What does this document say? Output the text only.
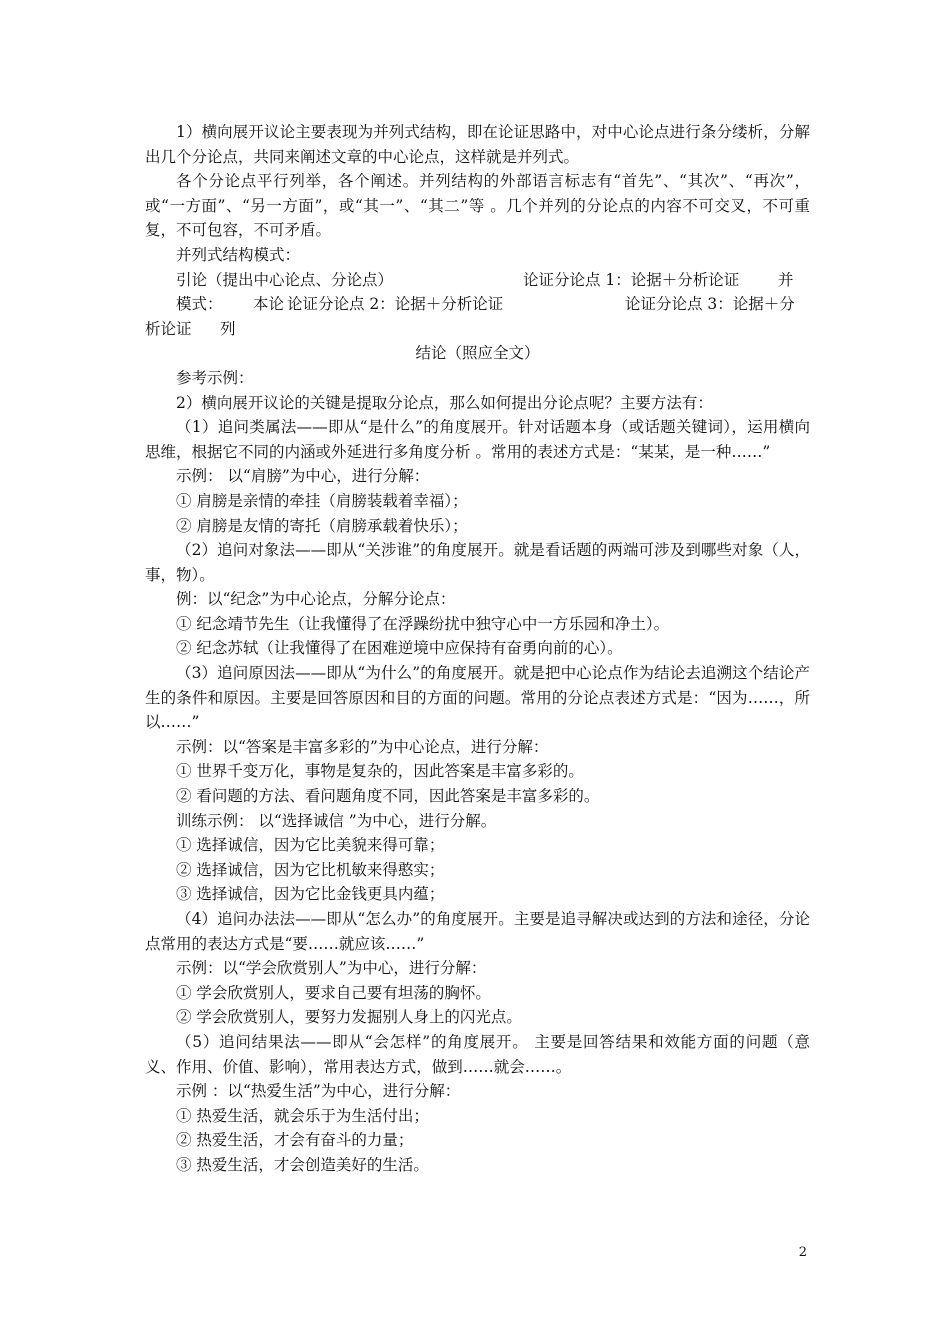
1）横向展开议论主要表现为并列式结构，即在论证思路中，对中心论点进行条分缕析，分解出几个分论点，共同来阐述文章的中心论点，这样就是并列式。

各个分论点平行列举，各个阐述。并列结构的外部语言标志有“首先”、“其次”、“再次”，或“一方面”、“另一方面”，或“其一”、“其二”等 。几个并列的分论点的内容不可交叉，不可重复，不可包容，不可矛盾。

并列式结构模式：

引论（提出中心论点、分论点）	论证分论点 1：论据＋分析论证 并
模式： 本论 论证分论点 2：论据＋分析论证	论证分论点 3：论据＋分
析论证 列

结论（照应全文）

参考示例：

2）横向展开议论的关键是提取分论点，那么如何提出分论点呢？主要方法有：

（1）追问类属法——即从“是什么”的角度展开。针对话题本身（或话题关键词），运用横向思维，根据它不同的内涵或外延进行多角度分析 。常用的表述方式是：“某某，是一种……”

示例： 以“肩膀”为中心，进行分解：

① 肩膀是亲情的牵挂（肩膀装载着幸福）；

② 肩膀是友情的寄托（肩膀承载着快乐）；

（2）追问对象法——即从“关涉谁”的角度展开。就是看话题的两端可涉及到哪些对象（人，事，物）。

例：以“纪念”为中心论点，分解分论点：

① 纪念靖节先生（让我懂得了在浮躁纷扰中独守心中一方乐园和净土）。

② 纪念苏轼（让我懂得了在困难逆境中应保持有奋勇向前的心）。

（3）追问原因法——即从“为什么”的角度展开。就是把中心论点作为结论去追溯这个结论产生的条件和原因。主要是回答原因和目的方面的问题。常用的分论点表述方式是：“因为……，所以……”

示例：以“答案是丰富多彩的”为中心论点，进行分解：

① 世界千变万化，事物是复杂的，因此答案是丰富多彩的。

② 看问题的方法、看问题角度不同，因此答案是丰富多彩的。

训练示例： 以“选择诚信 ”为中心，进行分解。

① 选择诚信，因为它比美貌来得可靠；

② 选择诚信，因为它比机敏来得憨实；

③ 选择诚信，因为它比金钱更具内蕴；

（4）追问办法法——即从“怎么办”的角度展开。主要是追寻解决或达到的方法和途径，分论点常用的表达方式是“要……就应该……”

示例：以“学会欣赏别人”为中心，进行分解：

① 学会欣赏别人，要求自己要有坦荡的胸怀。

② 学会欣赏别人，要努力发掘别人身上的闪光点。

（5）追问结果法——即从“会怎样”的角度展开。 主要是回答结果和效能方面的问题（意义、作用、价值、影响），常用表达方式，做到……就会……。

示例 ：以“热爱生活”为中心，进行分解：

① 热爱生活，就会乐于为生活付出；

② 热爱生活，才会有奋斗的力量；

③ 热爱生活，才会创造美好的生活。

2
